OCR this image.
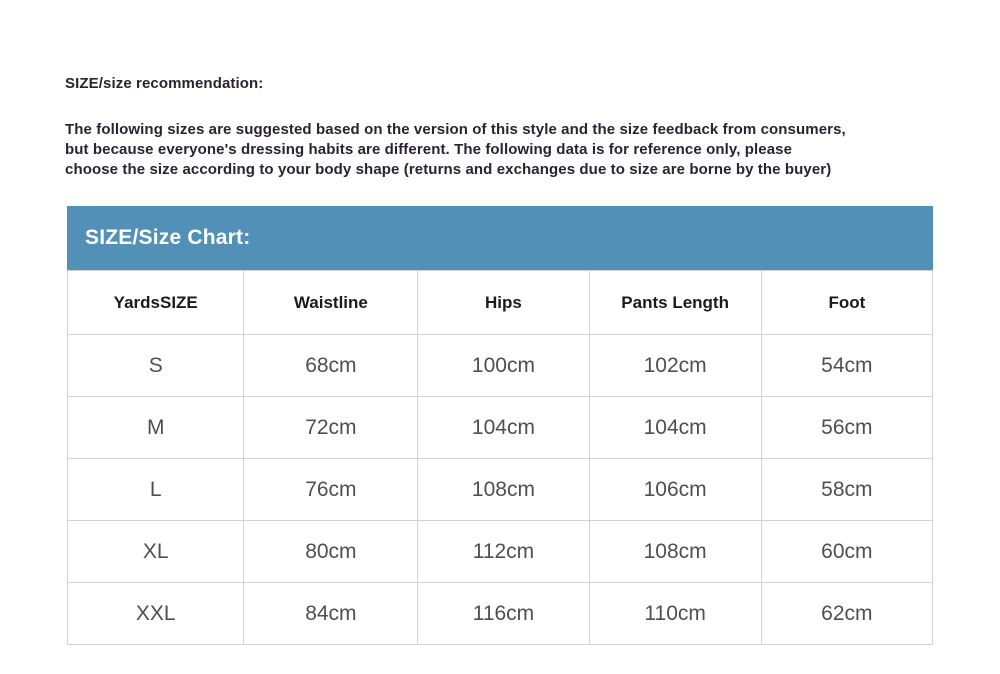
SIZE/size recommendation:
The following sizes are suggested based on the version of this style and the size feedback from consumers,
but because everyone's dressing habits are different. The following data is for reference only, please
choose the size according to your body shape (returns and exchanges due to size are borne by the buyer)
SIZE/Size Chart:
YardsSIZE	Waistline	Hips	Pants Length	Foot
S	68cm	100cm	102cm	54cm
M	72cm	104cm	104cm	56cm
L	76cm	108cm	106cm	58cm
XL	80cm	112cm	108cm	60cm
XXL	84cm	116cm	110cm	62cm
